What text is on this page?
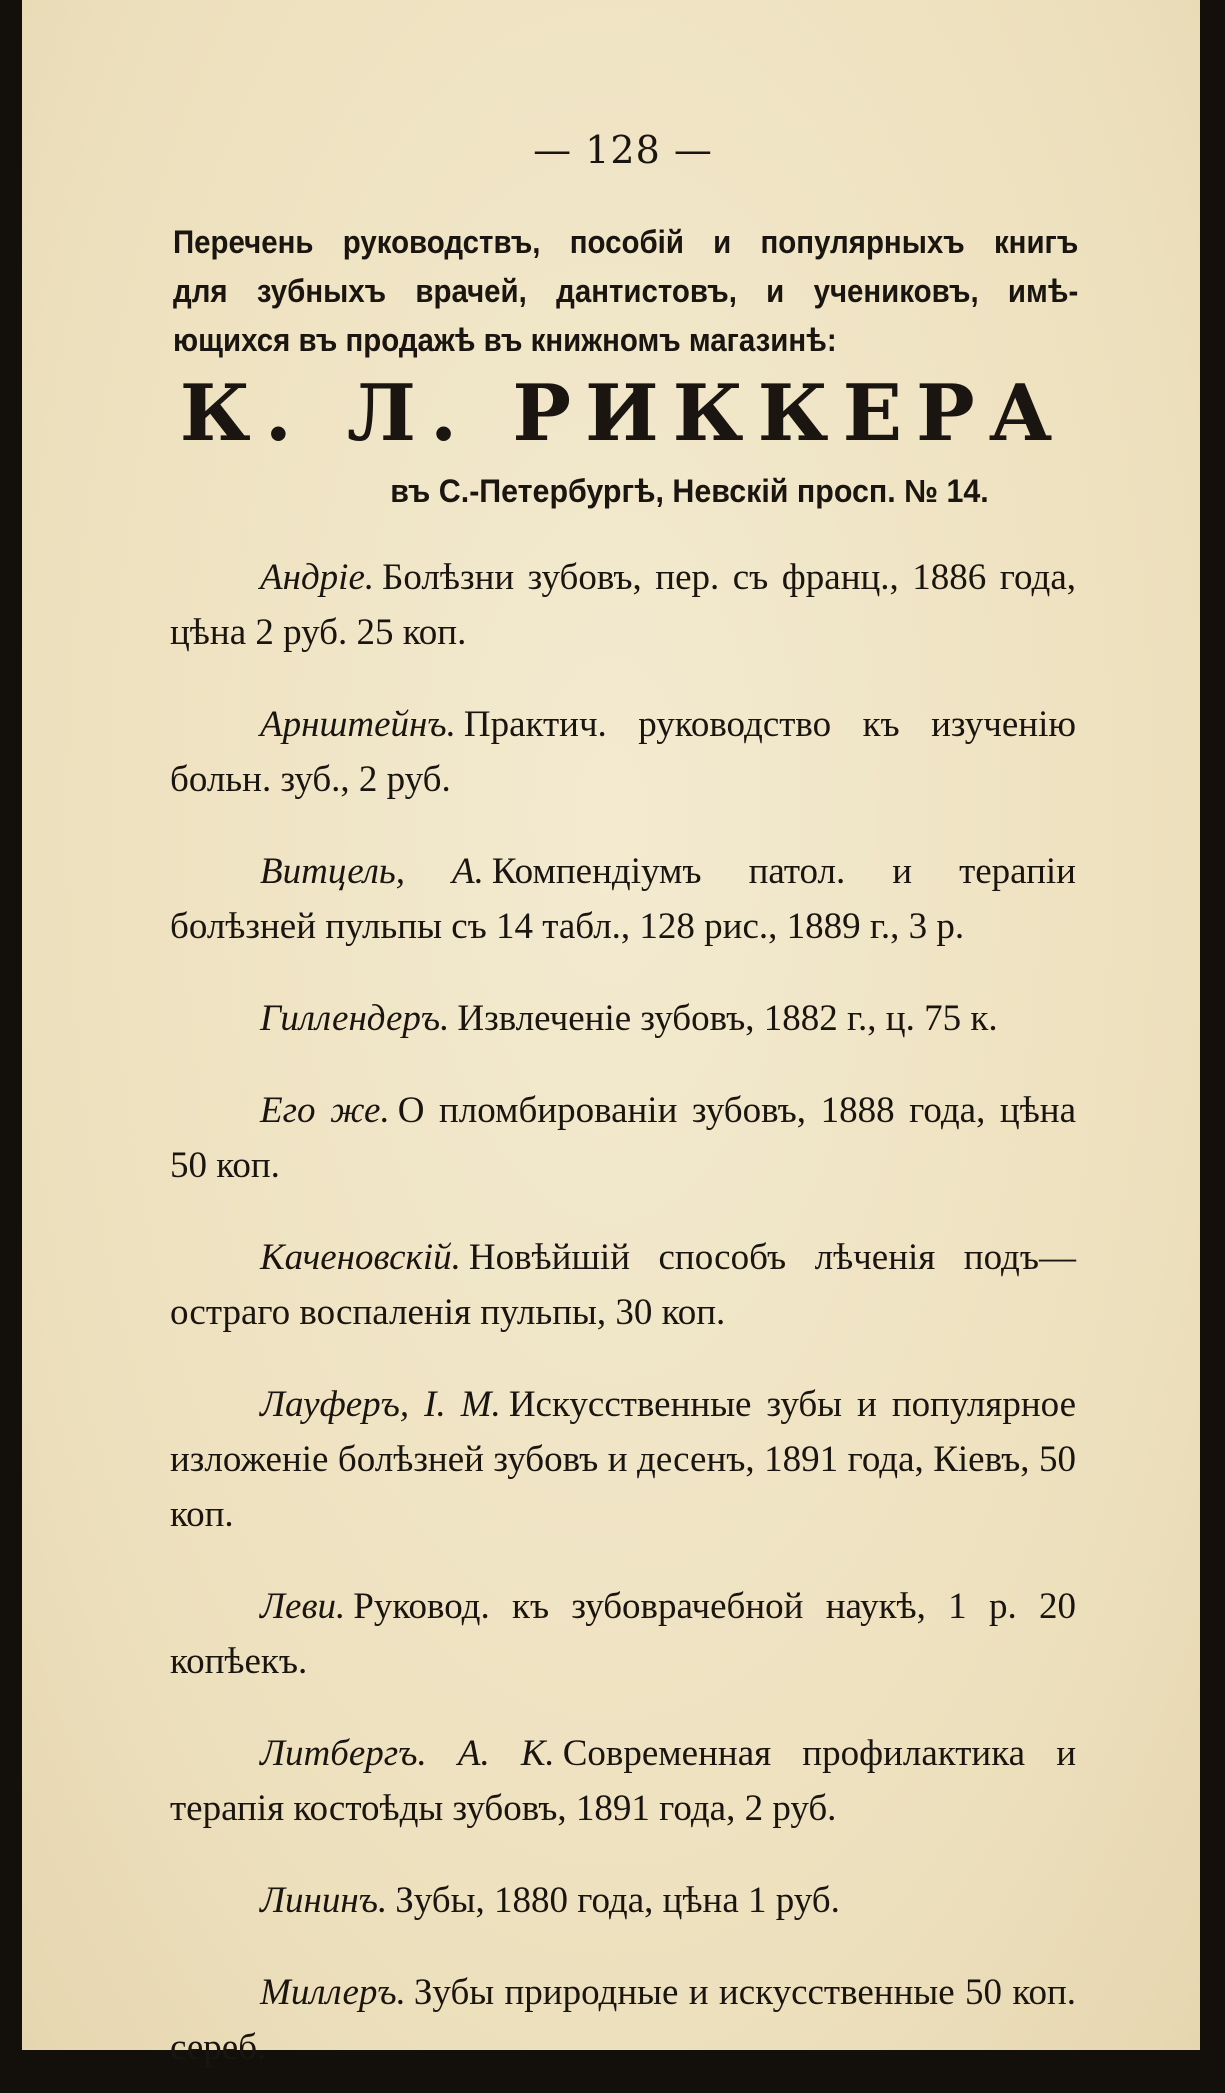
— 128 —
Перечень руководствъ, пособій и популярныхъ книгъ
для зубныхъ врачей, дантистовъ, и учениковъ, имѣ-
ющихся въ продажѣ въ книжномъ магазинѣ:
К. Л. РИККЕРА
въ С.-Петербургѣ, Невскій просп. № 14.

Андріе. Болѣзни зубовъ, пер. съ франц., 1886 года, цѣна 2 руб. 25 коп.

Арнштейнъ. Практич. руководство къ изученію больн. зуб., 2 руб.

Витцель, А. Компендіумъ патол. и терапіи болѣзней пульпы съ 14 табл., 128 рис., 1889 г., 3 р.

Гиллендеръ. Извлеченіе зубовъ, 1882 г., ц. 75 к.

Его же. О пломбированіи зубовъ, 1888 года, цѣна 50 коп.

Каченовскій. Новѣйшій способъ лѣченія подъ— остраго воспаленія пульпы, 30 коп.

Лауферъ, І. М. Искусственные зубы и популярное изложеніе болѣзней зубовъ и десенъ, 1891 года, Кіевъ, 50 коп.

Леви. Руковод. къ зубоврачебной наукѣ, 1 р. 20 копѣекъ.

Литбергъ. А. К. Современная профилактика и терапія костоѣды зубовъ, 1891 года, 2 руб.

Лининъ. Зубы, 1880 года, цѣна 1 руб.

Миллеръ. Зубы природные и искусственные 50 коп. сереб.
